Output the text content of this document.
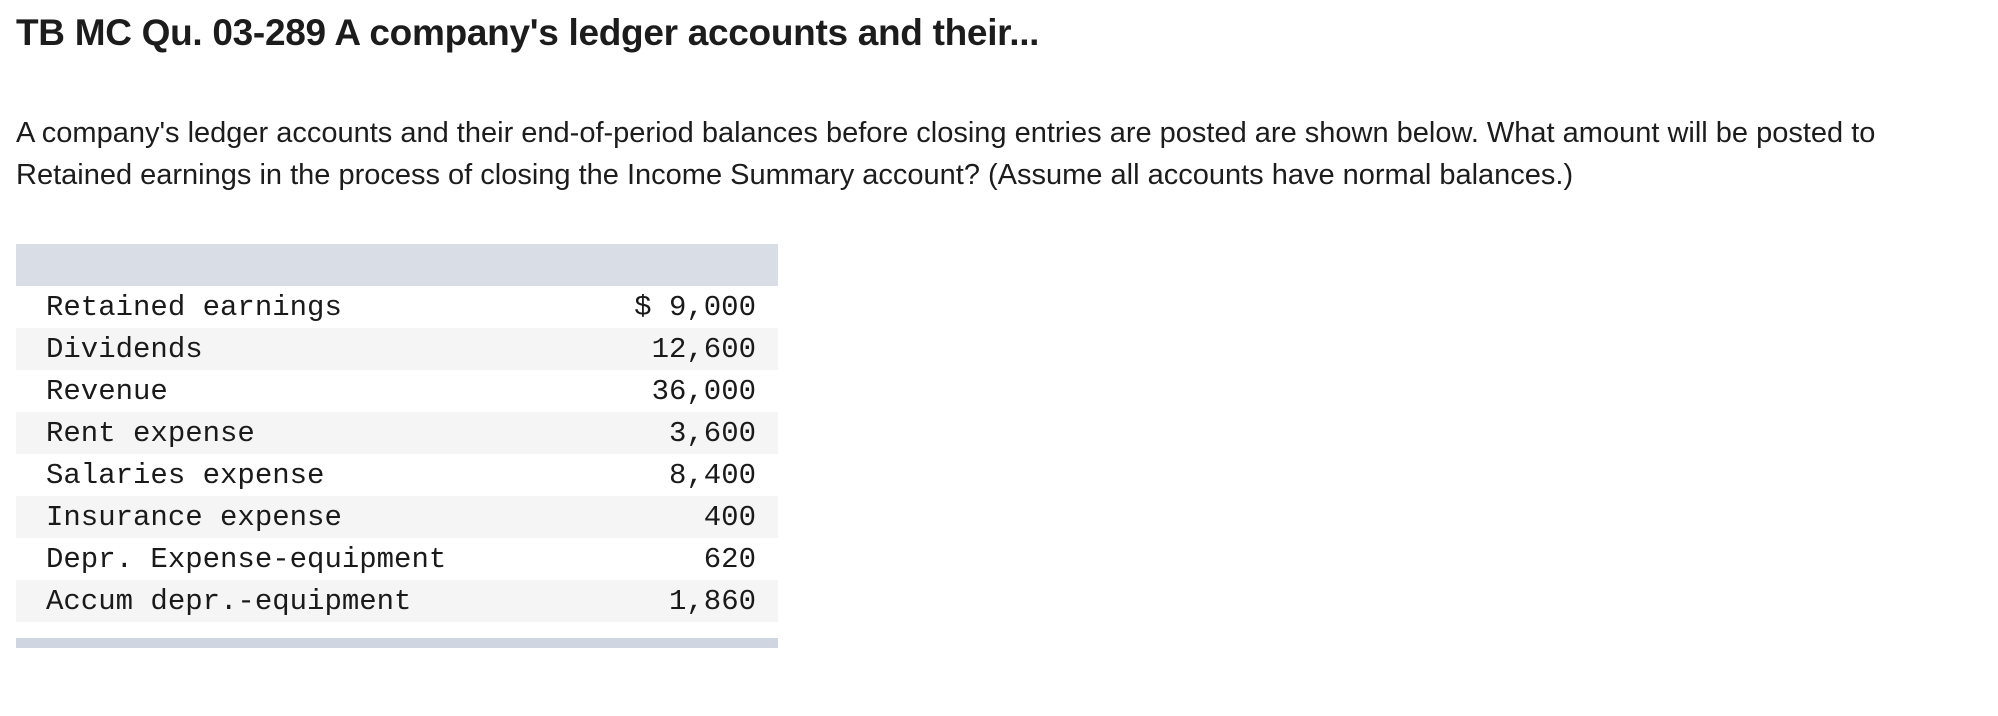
TB MC Qu. 03-289 A company's ledger accounts and their...

A company's ledger accounts and their end-of-period balances before closing entries are posted are shown below. What amount will be posted to Retained earnings in the process of closing the Income Summary account? (Assume all accounts have normal balances.)

Retained earnings	$ 9,000
Dividends	12,600
Revenue	36,000
Rent expense	3,600
Salaries expense	8,400
Insurance expense	400
Depr. Expense-equipment	620
Accum depr.-equipment	1,860
